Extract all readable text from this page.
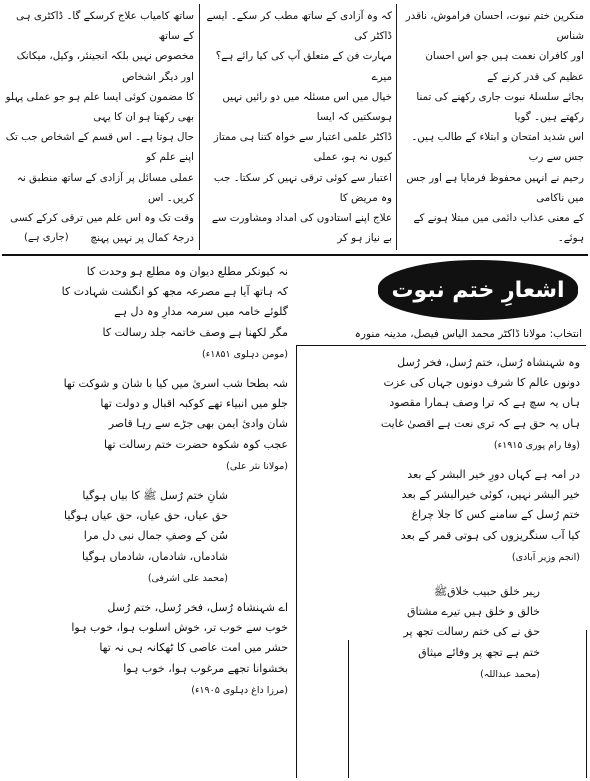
منکرین ختم نبوت، احسان فراموش، ناقدر شناس

اور کافران نعمت ہیں جو اس احسان عظیم کی قدر کرنے کے

بجائے سلسلۂ نبوت جاری رکھنے کی تمنا رکھتے ہیں۔ گویا

اس شدید امتحان و ابتلاء کے طالب ہیں۔ جس سے رب

رحیم نے انہیں محفوظ فرمایا ہے اور جس میں ناکامی

کے معنی عذاب دائمی میں مبتلا ہونے کے ہوئے۔

کہ وہ آزادی کے ساتھ مطب کر سکے۔ ایسے ڈاکٹر کی

مہارت فن کے متعلق آپ کی کیا رائے ہے؟ میرے

خیال میں اس مسئلہ میں دو رائیں نہیں ہوسکتیں کہ ایسا

ڈاکٹر علمی اعتبار سے خواہ کتنا ہی ممتاز کیوں نہ ہو، عملی

اعتبار سے کوئی ترقی نہیں کر سکتا۔ جب وہ مریض کا

علاج اپنے استادوں کی امداد ومشاورت سے بے نیاز ہو کر

ساتھ کامیاب علاج کرسکے گا۔ ڈاکٹری ہی کے ساتھ

مخصوص نہیں بلکہ انجینئر، وکیل، میکانک اور دیگر اشخاص

کا مضمون کوئی ایسا علم ہو جو عملی پہلو بھی رکھتا ہو ان کا یہی

حال ہوتا ہے۔ اس قسم کے اشخاص جب تک اپنے علم کو

عملی مسائل پر آزادی کے ساتھ منطبق نہ کریں۔ اس

وقت تک وہ اس علم میں ترقی کرکے کسی درجۂ کمال پر نہیں پہنچ

(جاری ہے)
اشعارِ ختم نبوت
انتخاب: مولانا ڈاکٹر محمد الیاس فیصل، مدینہ منورہ
وہ شہنشاہ رُسل، ختم رُسل، فخر رُسل
دونوں عالم کا شرف دونوں جہاں کی عزت
ہاں یہ سچ ہے کہ ترا وصف ہمارا مقصود
ہاں یہ حق ہے کہ تری نعت ہے اقصیٰ غایت
(وفا رام پوری ۱۹۱۵ء)
در امہ ہے کہاں دورِ خیر البشر کے بعد
خیر البشر نہیں، کوئی خیرالبشر کے بعد
ختم رُسل کے سامنے کس کا جلا چراغ
کیا آب سنگریزوں کی ہوتی قمر کے بعد
(انجم وزیر آبادی)
رہبر خلق حبیب خلاقﷺ
خالق و خلق ہیں تیرے مشتاق
حق نے کی ختم رسالت تجھ پر
ختم ہے تجھ پر وفائے میثاق
(محمد عبداللہ)
نہ کیونکر مطلع دیوان وہ مطلع ہو وحدت کا
کہ ہاتھ آیا ہے مصرعہ مجھ کو انگشت شہادت کا
گلوئے خامہ میں سرمہ مدارِ وہ دل ہے
مگر لکھنا ہے وصف خاتمہ جلد رسالت کا
(مومن دہلوی ۱۸۵۱ء)
شہ بطحا شب اسریٰ میں کیا با شان و شوکت تھا
جلو میں انبیاء تھے کوکبہ اقبال و دولت تھا
شان وادیٔ ایمن بھی جڑے سے رہا قاصر
عجب کوہ شکوہ حضرت ختم رسالت تھا
(مولانا نثر علی)
شانِ ختم رُسل ﷺ کا بیاں ہوگیا
حق عیاں، حق عیاں، حق عیاں ہوگیا
سُن کے وصفِ جمال نبی دل مرا
شادماں، شادماں، شادماں ہوگیا
(محمد علی اشرفی)
اے شہنشاہ رُسل، فخر رُسل، ختم رُسل
خوب سے خوب تر، خوش اسلوب ہوا، خوب ہوا
حشر میں امت عاصی کا ٹھکانہ ہی نہ تھا
بخشوانا تجھے مرغوب ہوا، خوب ہوا
(مرزا داغ دہلوی ۱۹۰۵ء)
